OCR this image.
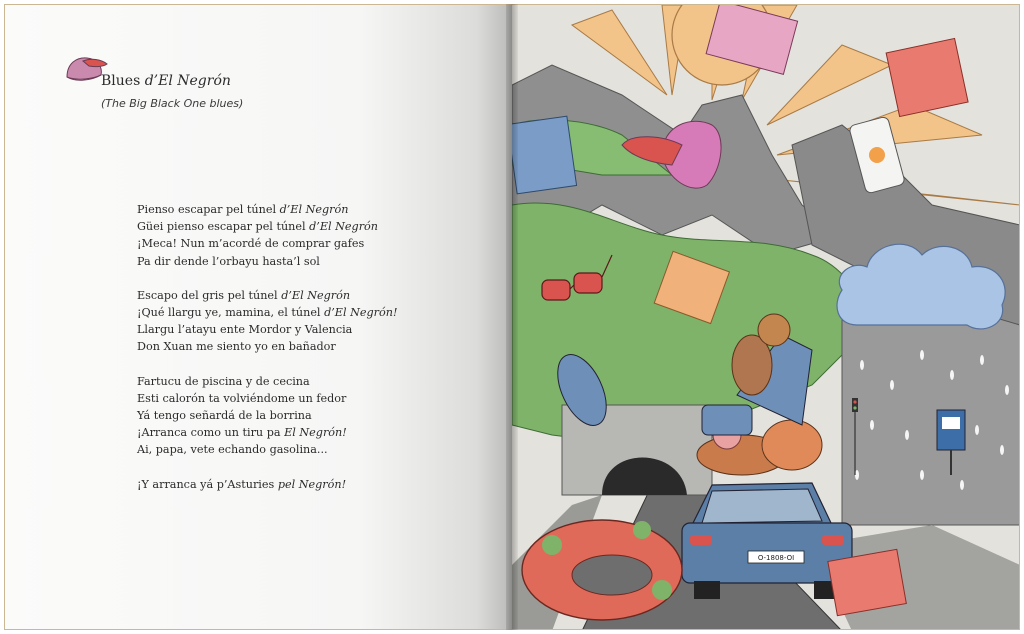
Blues d’El Negrón
(The Big Black One blues)
Pienso escapar pel túnel d’El Negrón
Güei pienso escapar pel túnel d’El Negrón
¡Meca! Nun m’acordé de comprar gafes
Pa dir dende l’orbayu hasta’l sol
Escapo del gris pel túnel d’El Negrón
¡Qué llargu ye, mamina, el túnel d’El Negrón!
Llargu l’atayu ente Mordor y Valencia
Don Xuan me siento yo en bañador
Fartucu de piscina y de cecina
Esti calorón ta volviéndome un fedor
Yá tengo señardá de la borrina
¡Arranca como un tiru pa El Negrón!
Ai, papa, vete echando gasolina...
¡Y arranca yá p’Asturies pel Negrón!
O-1808-OI
